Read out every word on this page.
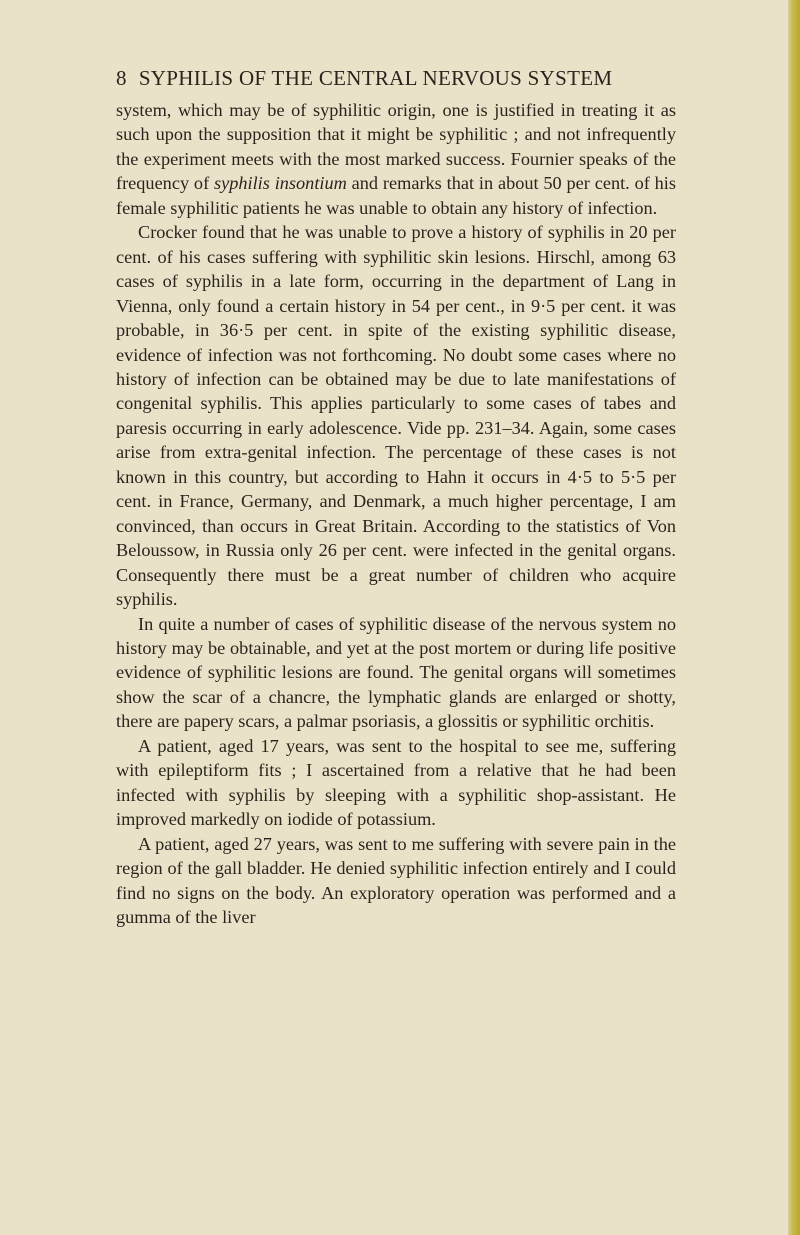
8 SYPHILIS OF THE CENTRAL NERVOUS SYSTEM

system, which may be of syphilitic origin, one is justified in treating it as such upon the supposition that it might be syphilitic ; and not infrequently the experiment meets with the most marked success. Fournier speaks of the frequency of syphilis insontium and remarks that in about 50 per cent. of his female syphilitic patients he was unable to obtain any history of infection.

Crocker found that he was unable to prove a history of syphilis in 20 per cent. of his cases suffering with syphilitic skin lesions. Hirschl, among 63 cases of syphilis in a late form, occurring in the department of Lang in Vienna, only found a certain history in 54 per cent., in 9·5 per cent. it was probable, in 36·5 per cent. in spite of the existing syphilitic disease, evidence of infection was not forthcoming. No doubt some cases where no history of infection can be obtained may be due to late manifestations of congenital syphilis. This applies particularly to some cases of tabes and paresis occurring in early adolescence. Vide pp. 231–34. Again, some cases arise from extra-genital infection. The percentage of these cases is not known in this country, but according to Hahn it occurs in 4·5 to 5·5 per cent. in France, Germany, and Denmark, a much higher percentage, I am convinced, than occurs in Great Britain. According to the statistics of Von Beloussow, in Russia only 26 per cent. were infected in the genital organs. Consequently there must be a great number of children who acquire syphilis.

In quite a number of cases of syphilitic disease of the nervous system no history may be obtainable, and yet at the post mortem or during life positive evidence of syphilitic lesions are found. The genital organs will sometimes show the scar of a chancre, the lymphatic glands are enlarged or shotty, there are papery scars, a palmar psoriasis, a glossitis or syphilitic orchitis.

A patient, aged 17 years, was sent to the hospital to see me, suffering with epileptiform fits ; I ascertained from a relative that he had been infected with syphilis by sleeping with a syphilitic shop-assistant. He improved markedly on iodide of potassium.

A patient, aged 27 years, was sent to me suffering with severe pain in the region of the gall bladder. He denied syphilitic infection entirely and I could find no signs on the body. An exploratory operation was performed and a gumma of the liver
